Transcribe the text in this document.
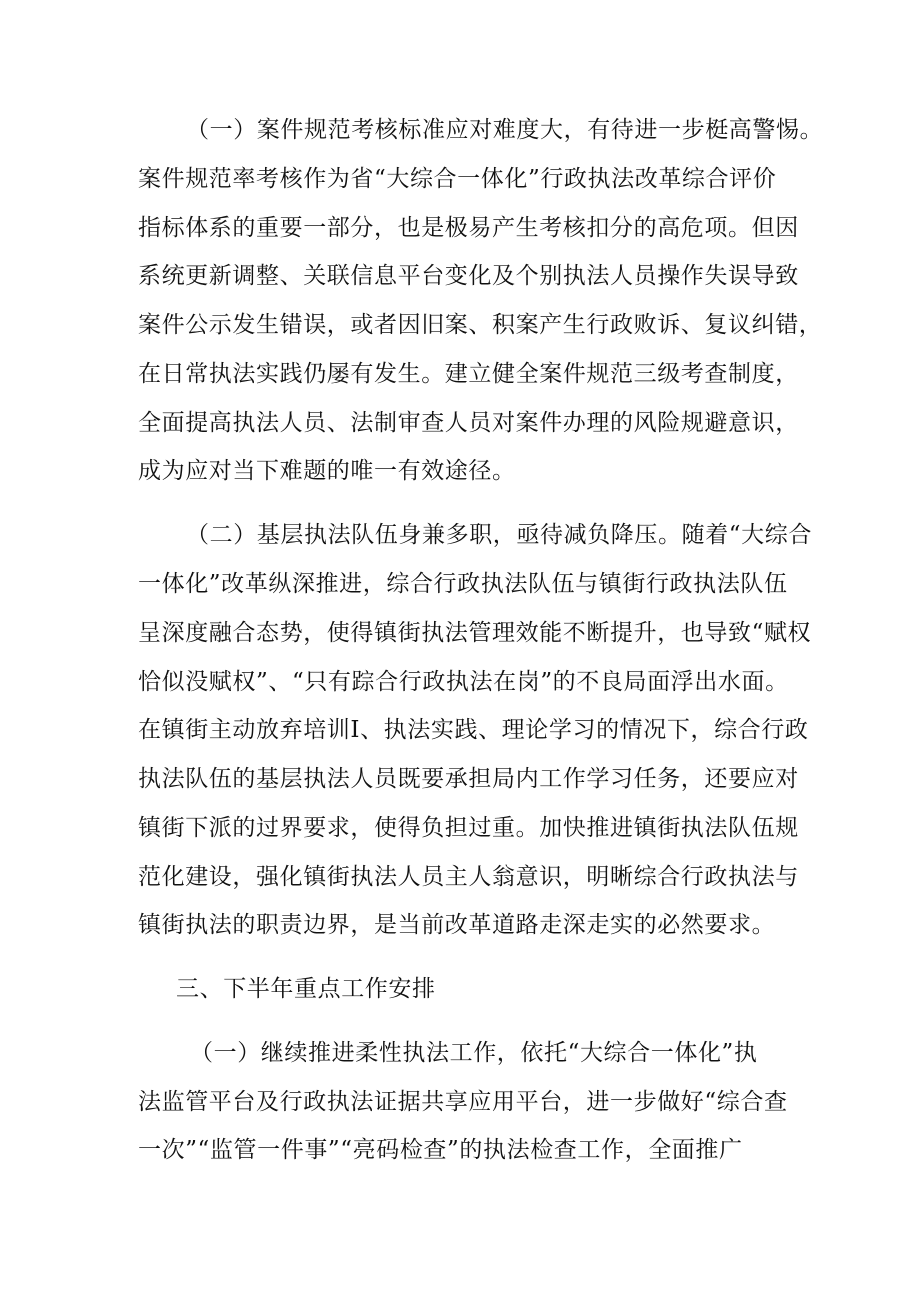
（一）案件规范考核标准应对难度大，有待进一步梃高警惕。
案件规范率考核作为省“大综合一体化”行政执法改革综合评价
指标体系的重要一部分，也是极易产生考核扣分的高危项。但因
系统更新调整、关联信息平台变化及个别执法人员操作失误导致
案件公示发生错误，或者因旧案、积案产生行政败诉、复议纠错，
在日常执法实践仍屡有发生。建立健全案件规范三级考查制度，
全面提高执法人员、法制审查人员对案件办理的风险规避意识，
成为应对当下难题的唯一有效途径。
（二）基层执法队伍身兼多职，亟待减负降压。随着“大综合
一体化”改革纵深推进，综合行政执法队伍与镇街行政执法队伍
呈深度融合态势，使得镇街执法管理效能不断提升，也导致“赋权
恰似没赋权”、“只有踪合行政执法在岗”的不良局面浮出水面。
在镇街主动放弃培训I、执法实践、理论学习的情况下，综合行政
执法队伍的基层执法人员既要承担局内工作学习任务，还要应对
镇街下派的过界要求，使得负担过重。加快推进镇街执法队伍规
范化建设，强化镇街执法人员主人翁意识，明晰综合行政执法与
镇街执法的职责边界，是当前改革道路走深走实的必然要求。
三、下半年重点工作安排
（一）继续推进柔性执法工作，依托“大综合一体化”执
法监管平台及行政执法证据共享应用平台，进一步做好“综合查
一次”“监管一件事”“亮码检查”的执法检查工作，全面推广
